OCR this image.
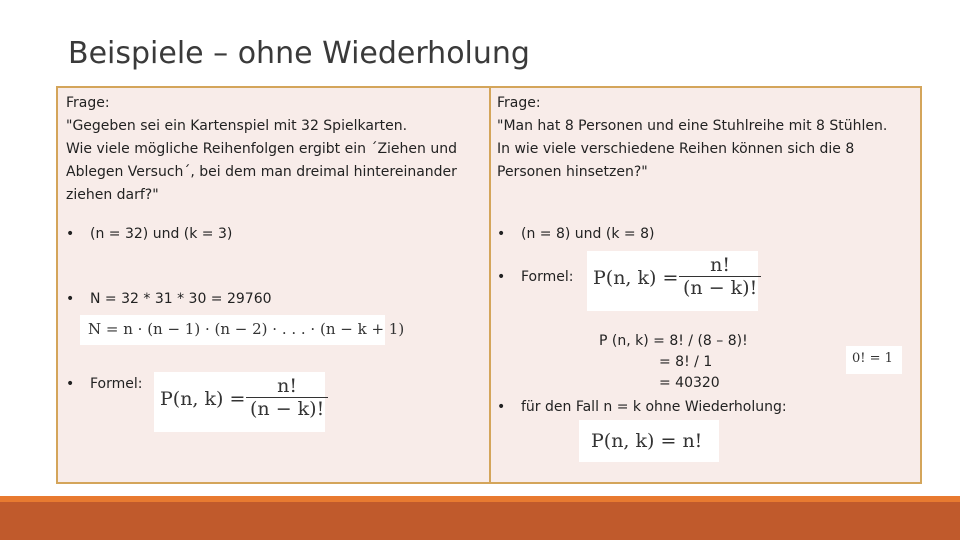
Beispiele – ohne Wiederholung
Frage:
"Gegeben sei ein Kartenspiel mit 32 Spielkarten.
Wie viele mögliche Reihenfolgen ergibt ein ´Ziehen und
Ablegen Versuch´, bei dem man dreimal hintereinander
ziehen darf?"
• (n = 32) und (k = 3)
• N = 32 * 31 * 30 = 29760
N = n · (n − 1) · (n − 2) · . . . · (n − k + 1)
• Formel:
P(n, $k) = \frac{n!}{(n - k)!}$
Frage:
"Man hat 8 Personen und eine Stuhlreihe mit 8 Stühlen.
In wie viele verschiedene Reihen können sich die 8
Personen hinsetzen?"
• (n = 8) und (k = 8)
• Formel: P(n, $k) = \frac{n!}{(n - k)!}$
P (n, k) = 8! / (8 – 8)!
= 8! / 1
= 40320
0! = 1
• für den Fall n = k ohne Wiederholung:
P(n, k) = n!
